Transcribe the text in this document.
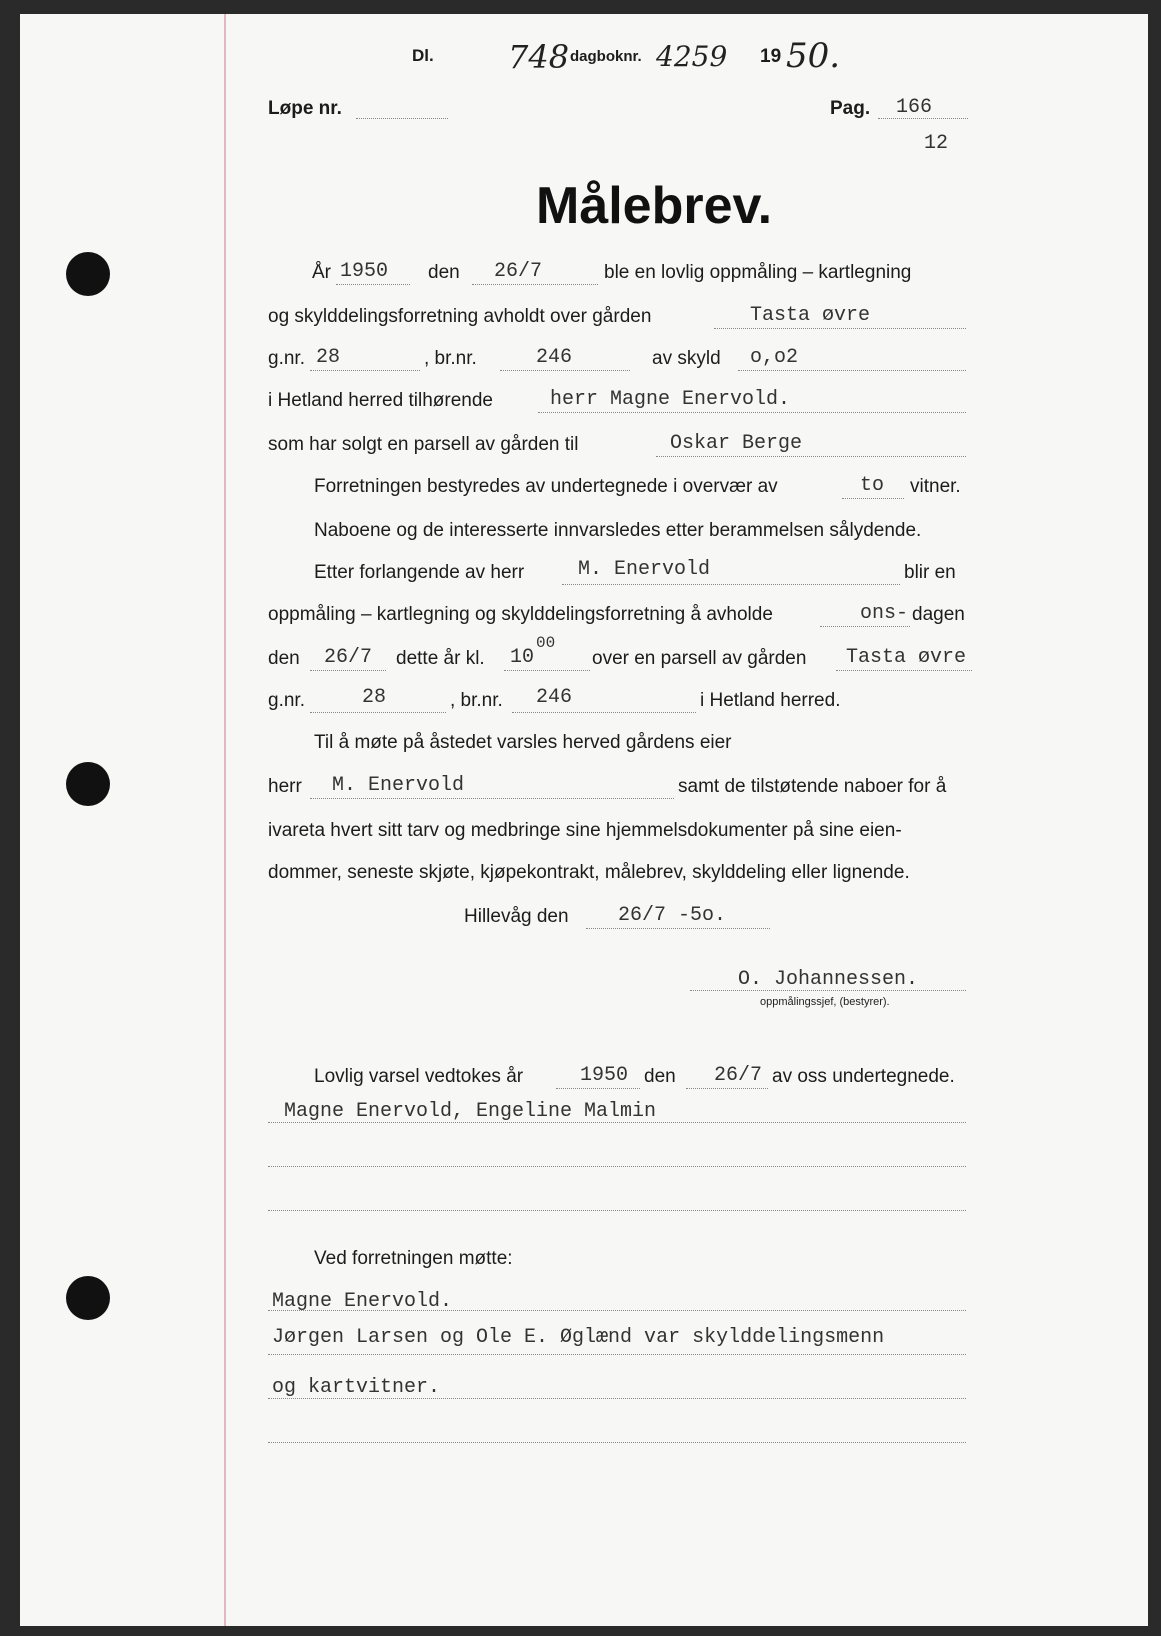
Dl. 748 dagboknr. 4259 19 50.
Løpe nr.	Pag. 166
12
Målebrev.
År 1950 den 26/7	ble en lovlig oppmåling – kartlegning
og skylddelingsforretning avholdt over gården	Tasta øvre
g.nr. 28	, br.nr.	246	av skyld o,o2
i Hetland herred tilhørende	herr Magne Enervold.
som har solgt en parsell av gården til	Oskar Berge
Forretningen bestyredes av undertegnede i overvær av	to vitner.
Naboene og de interesserte innvarsledes etter berammelsen sålydende.
Etter forlangende av herr	M. Enervold	blir en
oppmåling – kartlegning og skylddelingsforretning å avholde	ons- dagen
den 26/7 dette år kl. 10
00
over en parsell av gården Tasta øvre
g.nr.	28	, br.nr. 246	i Hetland herred.
Til å møte på åstedet varsles herved gårdens eier
herr M. Enervold	samt de tilstøtende naboer for å
ivareta hvert sitt tarv og medbringe sine hjemmelsdokumenter på sine eien-
dommer, seneste skjøte, kjøpekontrakt, målebrev, skylddeling eller lignende.
Hillevåg den 26/7 -5o.
O. Johannessen.
oppmålingssjef, (bestyrer).
Lovlig varsel vedtokes år	1950 den 26/7 av oss undertegnede.
Magne Enervold, Engeline Malmin
Ved forretningen møtte:
Magne Enervold.
Jørgen Larsen og Ole E. Øglænd var skylddelingsmenn
og kartvitner.
